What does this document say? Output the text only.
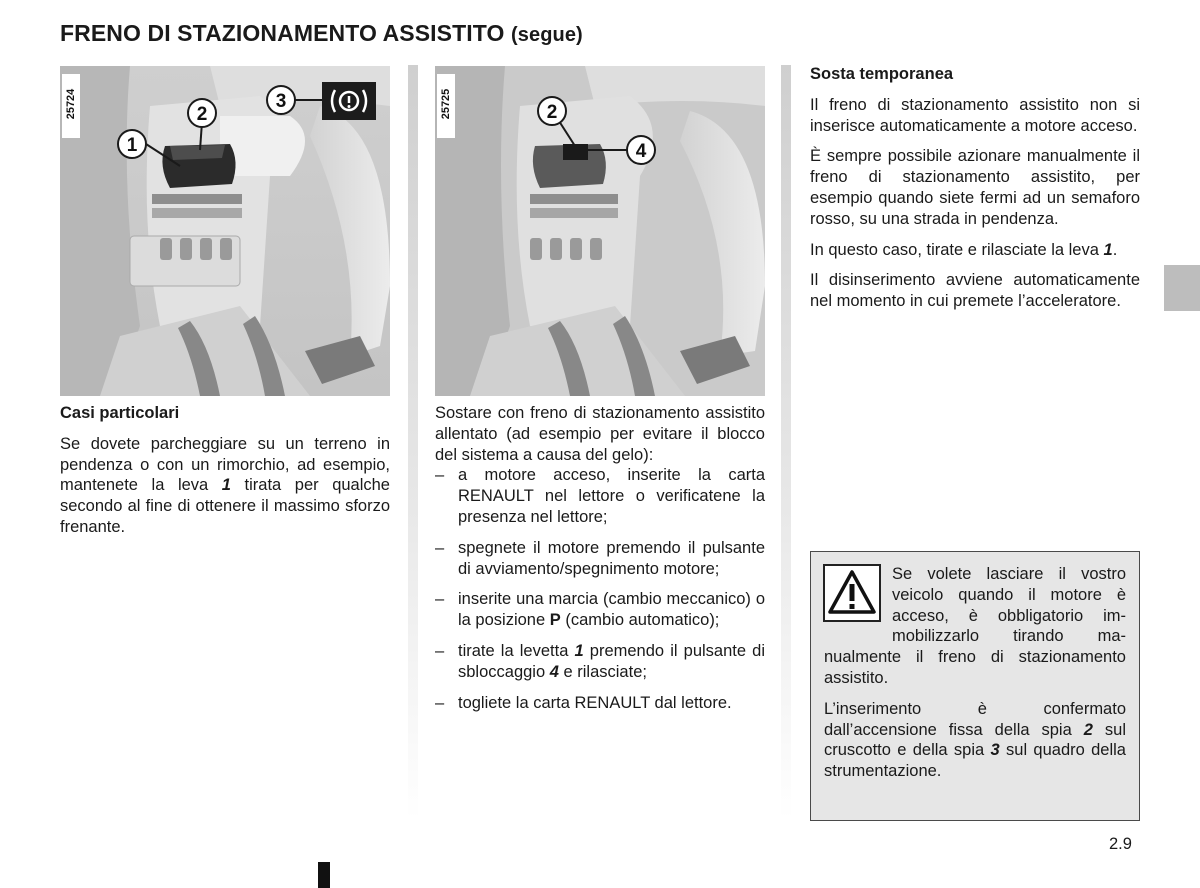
FRENO DI STAZIONAMENTO ASSISTITO (segue)
1
2
3
25724	2
4
25725
Casi particolari

Se dovete parcheggiare su un terreno in pendenza o con un rimorchio, ad esempio, mantenete la leva 1 tirata per qualche secondo al fine di ottenere il massimo sforzo frenante.

Sostare con freno di stazionamento assistito allentato (ad esempio per evitare il blocco del sistema a causa del gelo):

– a motore acceso, inserite la carta RENAULT nel lettore o verificatene la presenza nel lettore;
– spegnete il motore premendo il pulsante di avviamento/spegnimento motore;
– inserite una marcia (cambio meccanico) o la posizione P (cambio automatico);
– tirate la levetta 1 premendo il pulsante di sbloccaggio 4 e rilasciate;
– togliete la carta RENAULT dal lettore.
Sosta temporanea

Il freno di stazionamento assistito non si inserisce automaticamente a motore acceso.

È sempre possibile azionare manualmente il freno di stazionamento assistito, per esempio quando siete fermi ad un semaforo rosso, su una strada in pendenza.

In questo caso, tirate e rilasciate la leva 1.

Il disinserimento avviene automaticamente nel momento in cui premete l’acceleratore.

Se volete lasciare il vostro
veicolo quando il motore è
acceso, è obbligatorio im-
mobilizzarlo tirando ma-
nualmente il freno di stazionamento assistito.

L’inserimento è confermato dall’accensione fissa della spia 2 sul cruscotto e della spia 3 sul quadro della strumentazione.

2.9
